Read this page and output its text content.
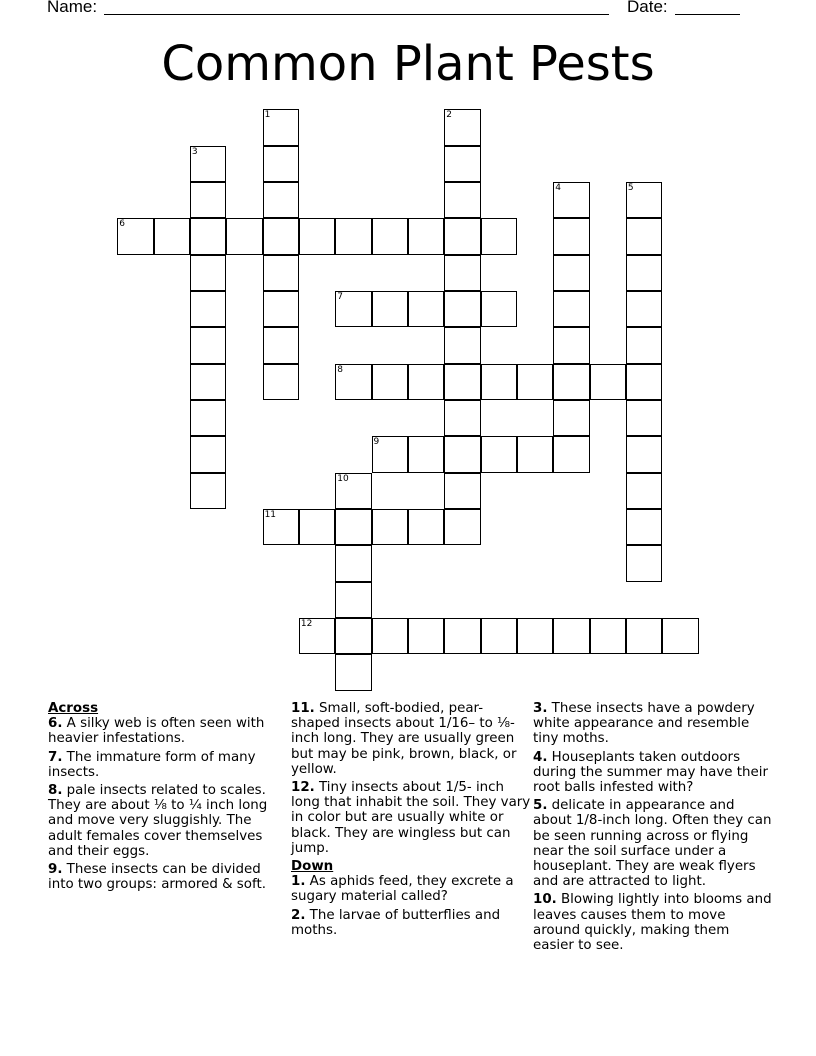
Name:	Date:
Common Plant Pests
1	2
3
4	5
6
7
8
9
10
11
12
Across
6. A silky web is often seen with heavier infestations.
7. The immature form of many insects.
8. pale insects related to scales. They are about ⅛ to ¼ inch long and move very sluggishly. The adult females cover themselves and their eggs.
9. These insects can be divided into two groups: armored & soft.
11. Small, soft-bodied, pear-shaped insects about 1/16– to ⅛-inch long. They are usually green but may be pink, brown, black, or yellow.
12. Tiny insects about 1/5- inch long that inhabit the soil. They vary in color but are usually white or black. They are wingless but can jump.
Down
1. As aphids feed, they excrete a sugary material called?
2. The larvae of butterflies and moths.
3. These insects have a powdery white appearance and resemble tiny moths.
4. Houseplants taken outdoors during the summer may have their root balls infested with?
5. delicate in appearance and about 1/8-inch long. Often they can be seen running across or flying near the soil surface under a houseplant. They are weak flyers and are attracted to light.
10. Blowing lightly into blooms and leaves causes them to move around quickly, making them easier to see.
